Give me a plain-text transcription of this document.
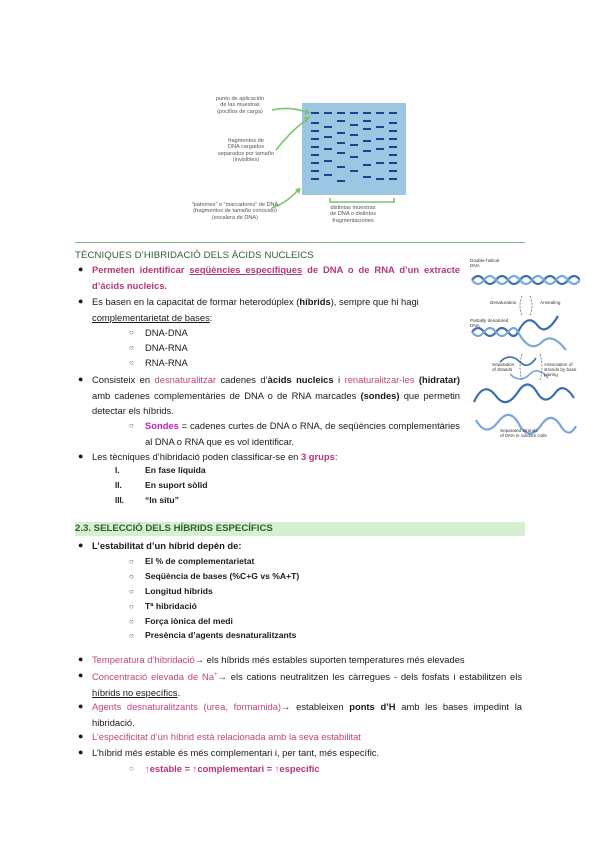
punto de aplicación
de las muestras
(pocillos de carga)
fragmentos de
DNA cargados
separados por tamaño
(invisibles)
"patrones" o "marcadores" de DNA
(fragmentos de tamaño conocido)
(escalera de DNA)
distintas muestras
de DNA o distintos
fragmentaciones
TÈCNIQUES D’HIBRIDACIÓ DELS ÀCIDS NUCLEICS	Double-helical
DNA
Denaturation	Annealing
Partially denatured
DNA
Separation
of strands
Association of
strands by base
pairing
Separated strands
of DNA in random coils
● Permeten identificar seqüències específiques de DNA o de RNA d’un extracte d’àcids nucleics.
● Es basen en la capacitat de formar heterodúplex (híbrids), sempre que hi hagi complementarietat de bases:
○ DNA-DNA
○ DNA-RNA
○ RNA-RNA
● Consisteix en desnaturalitzar cadenes d’àcids nucleics i renaturalitzar-les (hidratar) amb cadenes complementàries de DNA o de RNA marcades (sondes) que permetin detectar els híbrids.
○ Sondes = cadenes curtes de DNA o RNA, de seqüències complementàries al DNA o RNA que es vol identificar.
● Les tècniques d’hibridació poden classificar-se en 3 grups:
I.	En fase líquida
II.	En suport sòlid
III. “In situ”
2.3. SELECCIÓ DELS HÍBRIDS ESPECÍFICS
● L’estabilitat d’un híbrid depèn de:
○ El % de complementarietat
○ Seqüència de bases (%C+G vs %A+T)
○ Longitud híbrids
○ Tª hibridació
○ Força iònica del medi
○ Presència d’agents desnaturalitzants
● Temperatura d’hibridació→ els híbrids més estables suporten temperatures més elevades
● Concentració elevada de Na+→ els cations neutralitzen les càrregues - dels fosfats i estabilitzen els híbrids no específics.
● Agents desnaturalitzants (urea, formamida)→ estableixen ponts d’H amb les bases impedint la hibridació.
● L’especificitat d’un híbrid està relacionada amb la seva estabilitat
● L’híbrid més estable és més complementari i, per tant, més específic.
○ ↑estable = ↑complementari = ↑específic
